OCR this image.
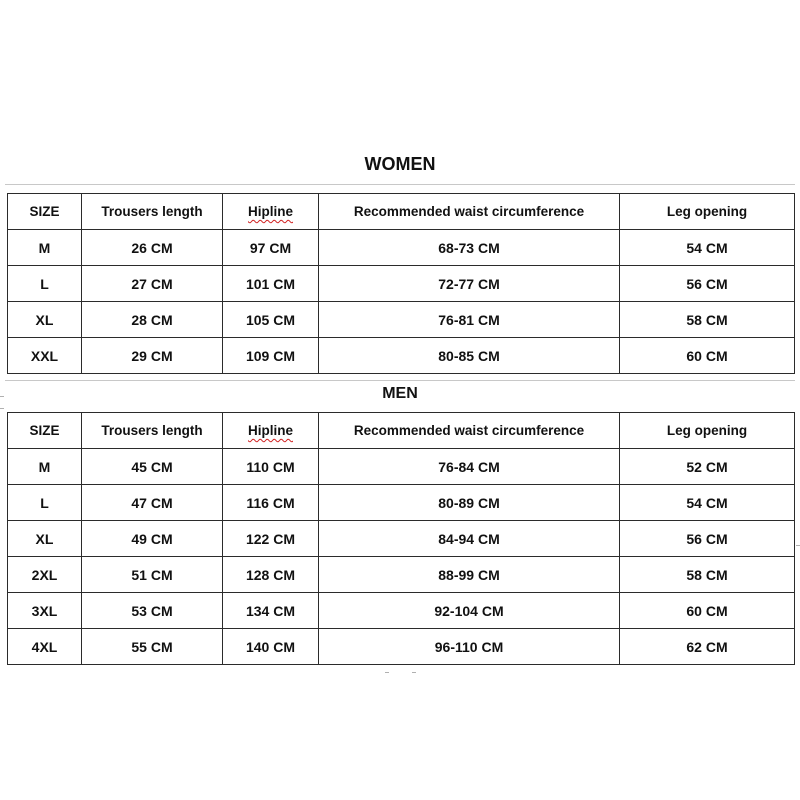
WOMEN
SIZE	Trousers length	Hipline	Recommended waist circumference	Leg opening
M	26 CM	97 CM	68-73 CM	54 CM
L	27 CM	101 CM	72-77 CM	56 CM
XL	28 CM	105 CM	76-81 CM	58 CM
XXL	29 CM	109 CM	80-85 CM	60 CM
MEN
SIZE	Trousers length	Hipline	Recommended waist circumference	Leg opening
M	45 CM	110 CM	76-84 CM	52 CM
L	47 CM	116 CM	80-89 CM	54 CM
XL	49 CM	122 CM	84-94 CM	56 CM
2XL	51 CM	128 CM	88-99 CM	58 CM
3XL	53 CM	134 CM	92-104 CM	60 CM
4XL	55 CM	140 CM	96-110 CM	62 CM
